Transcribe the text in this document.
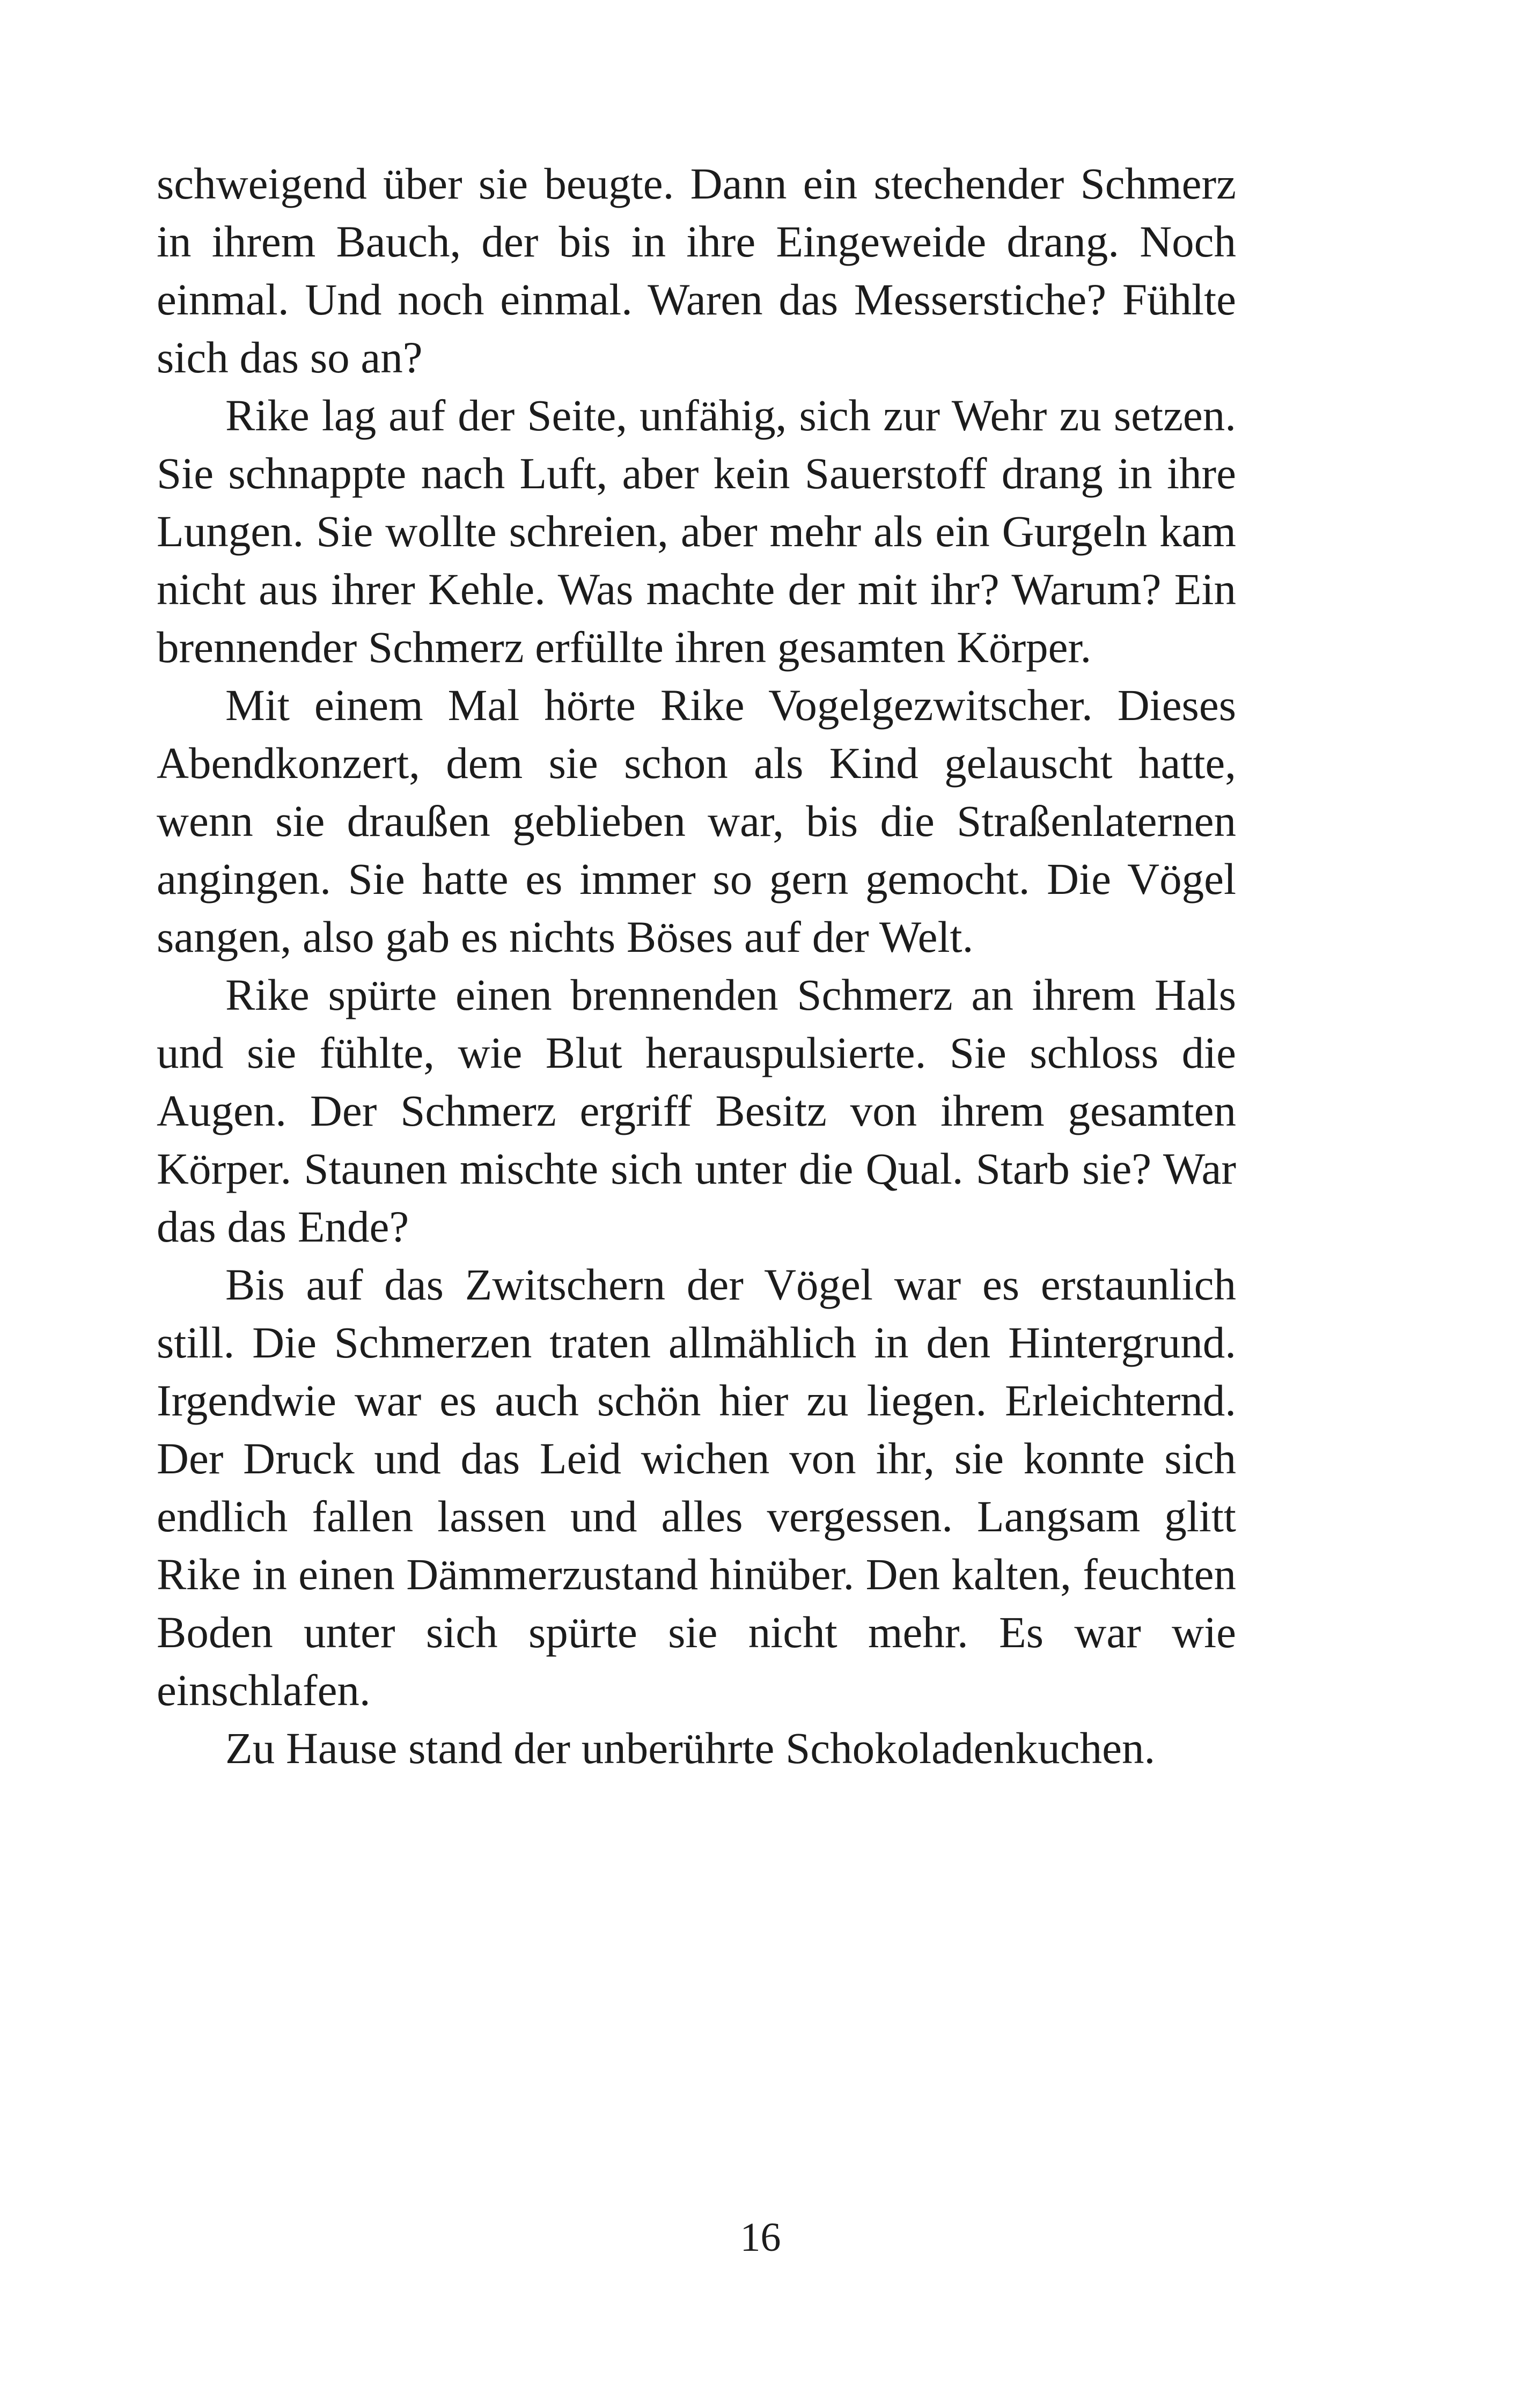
schweigend über sie beugte. Dann ein stechender Schmerz in ihrem Bauch, der bis in ihre Eingeweide drang. Noch einmal. Und noch einmal. Waren das Messerstiche? Fühlte sich das so an?

Rike lag auf der Seite, unfähig, sich zur Wehr zu setzen. Sie schnappte nach Luft, aber kein Sauerstoff drang in ihre Lungen. Sie wollte schreien, aber mehr als ein Gurgeln kam nicht aus ihrer Kehle. Was machte der mit ihr? Warum? Ein brennender Schmerz erfüllte ihren gesamten Körper.

Mit einem Mal hörte Rike Vogelgezwitscher. Dieses Abendkonzert, dem sie schon als Kind gelauscht hatte, wenn sie draußen geblieben war, bis die Straßenlaternen angingen. Sie hatte es immer so gern gemocht. Die Vögel sangen, also gab es nichts Böses auf der Welt.

Rike spürte einen brennenden Schmerz an ihrem Hals und sie fühlte, wie Blut herauspulsierte. Sie schloss die Augen. Der Schmerz ergriff Besitz von ihrem gesamten Körper. Staunen mischte sich unter die Qual. Starb sie? War das das Ende?

Bis auf das Zwitschern der Vögel war es erstaunlich still. Die Schmerzen traten allmählich in den Hintergrund. Irgendwie war es auch schön hier zu liegen. Erleichternd. Der Druck und das Leid wichen von ihr, sie konnte sich endlich fallen lassen und alles vergessen. Langsam glitt Rike in einen Dämmerzustand hinüber. Den kalten, feuchten Boden unter sich spürte sie nicht mehr. Es war wie einschlafen.

Zu Hause stand der unberührte Schokoladenkuchen.

16
